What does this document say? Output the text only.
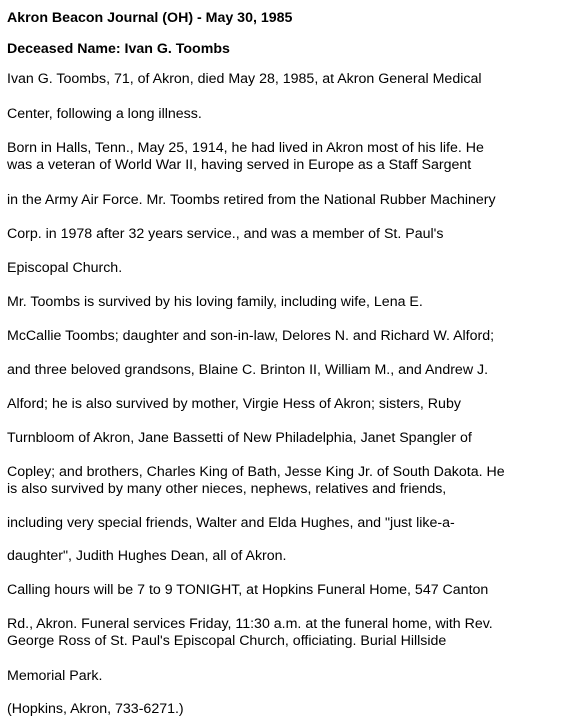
Akron Beacon Journal (OH) - May 30, 1985
Deceased Name: Ivan G. Toombs
Ivan G. Toombs, 71, of Akron, died May 28, 1985, at Akron General Medical
Center, following a long illness.
Born in Halls, Tenn., May 25, 1914, he had lived in Akron most of his life. He
was a veteran of World War II, having served in Europe as a Staff Sargent
in the Army Air Force. Mr. Toombs retired from the National Rubber Machinery
Corp. in 1978 after 32 years service., and was a member of St. Paul's
Episcopal Church.
Mr. Toombs is survived by his loving family, including wife, Lena E.
McCallie Toombs; daughter and son-in-law, Delores N. and Richard W. Alford;
and three beloved grandsons, Blaine C. Brinton II, William M., and Andrew J.
Alford; he is also survived by mother, Virgie Hess of Akron; sisters, Ruby
Turnbloom of Akron, Jane Bassetti of New Philadelphia, Janet Spangler of
Copley; and brothers, Charles King of Bath, Jesse King Jr. of South Dakota. He
is also survived by many other nieces, nephews, relatives and friends,
including very special friends, Walter and Elda Hughes, and "just like-a-
daughter", Judith Hughes Dean, all of Akron.
Calling hours will be 7 to 9 TONIGHT, at Hopkins Funeral Home, 547 Canton
Rd., Akron. Funeral services Friday, 11:30 a.m. at the funeral home, with Rev.
George Ross of St. Paul's Episcopal Church, officiating. Burial Hillside
Memorial Park.
(Hopkins, Akron, 733-6271.)
